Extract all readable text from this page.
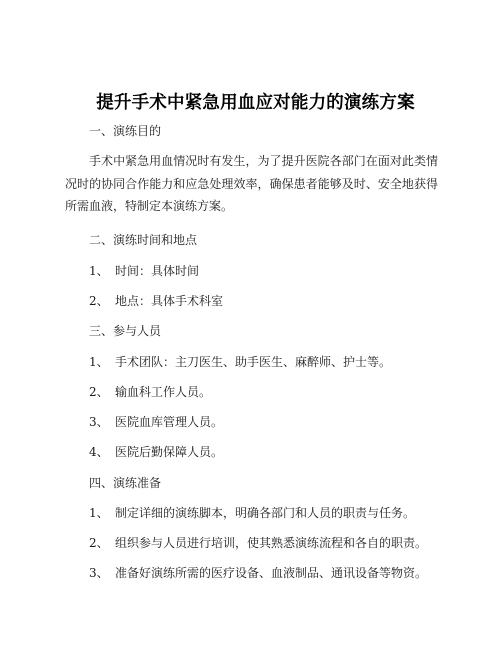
提升手术中紧急用血应对能力的演练方案
一、演练目的
手术中紧急用血情况时有发生，为了提升医院各部门在面对此类情况时的协同合作能力和应急处理效率，确保患者能够及时、安全地获得所需血液，特制定本演练方案。
二、演练时间和地点
1、 时间：具体时间
2、 地点：具体手术科室
三、参与人员
1、 手术团队：主刀医生、助手医生、麻醉师、护士等。
2、 输血科工作人员。
3、 医院血库管理人员。
4、 医院后勤保障人员。
四、演练准备
1、 制定详细的演练脚本，明确各部门和人员的职责与任务。
2、 组织参与人员进行培训，使其熟悉演练流程和各自的职责。
3、 准备好演练所需的医疗设备、血液制品、通讯设备等物资。
